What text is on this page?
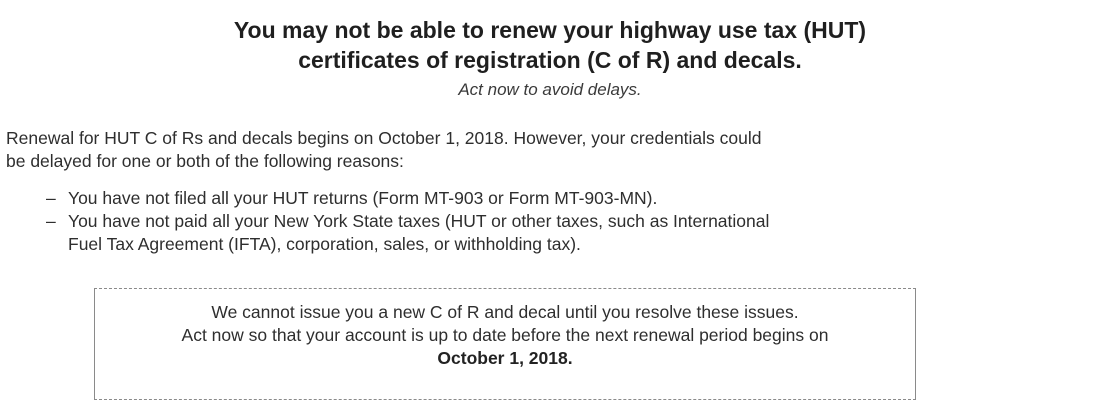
You may not be able to renew your highway use tax (HUT)
certificates of registration (C of R) and decals.
Act now to avoid delays.
Renewal for HUT C of Rs and decals begins on October 1, 2018. However, your credentials could
be delayed for one or both of the following reasons:
– You have not filed all your HUT returns (Form MT-903 or Form MT-903-MN).
– You have not paid all your New York State taxes (HUT or other taxes, such as International
Fuel Tax Agreement (IFTA), corporation, sales, or withholding tax).
We cannot issue you a new C of R and decal until you resolve these issues.
Act now so that your account is up to date before the next renewal period begins on
October 1, 2018.
